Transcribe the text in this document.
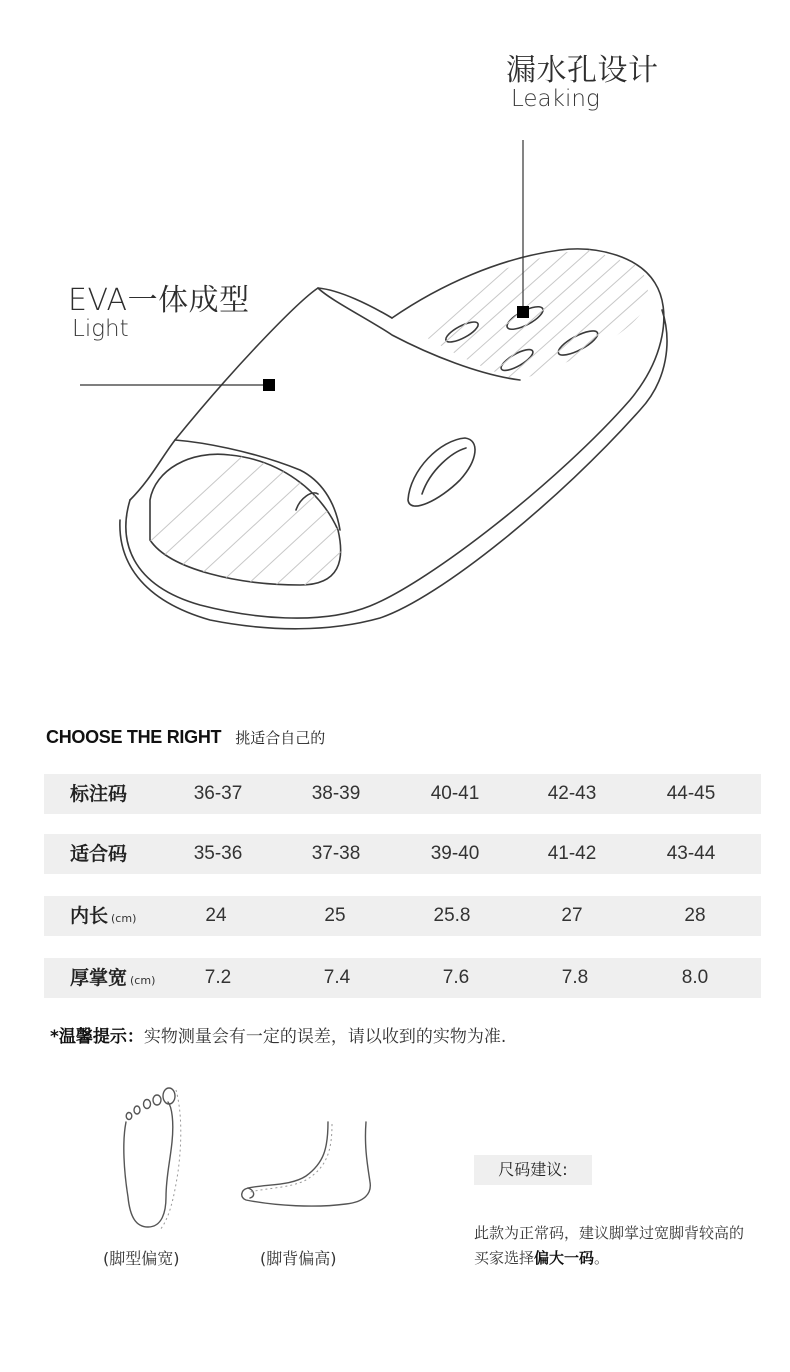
漏水孔设计
Leaking
EVA一体成型
Light
CHOOSE THE RIGHT 挑适合自己的
标注码	36-37	38-39	40-41	42-43	44-45
适合码	35-36	37-38	39-40	41-42	43-44
内长 (cm)	24	25	25.8	27	28
厚掌宽 (cm)	7.2	7.4	7.6	7.8	8.0
*温馨提示：实物测量会有一定的误差，请以收到的实物为准.
(脚型偏宽)	(脚背偏高)
尺码建议:
此款为正常码，建议脚掌过宽脚背较高的买家选择偏大一码。
